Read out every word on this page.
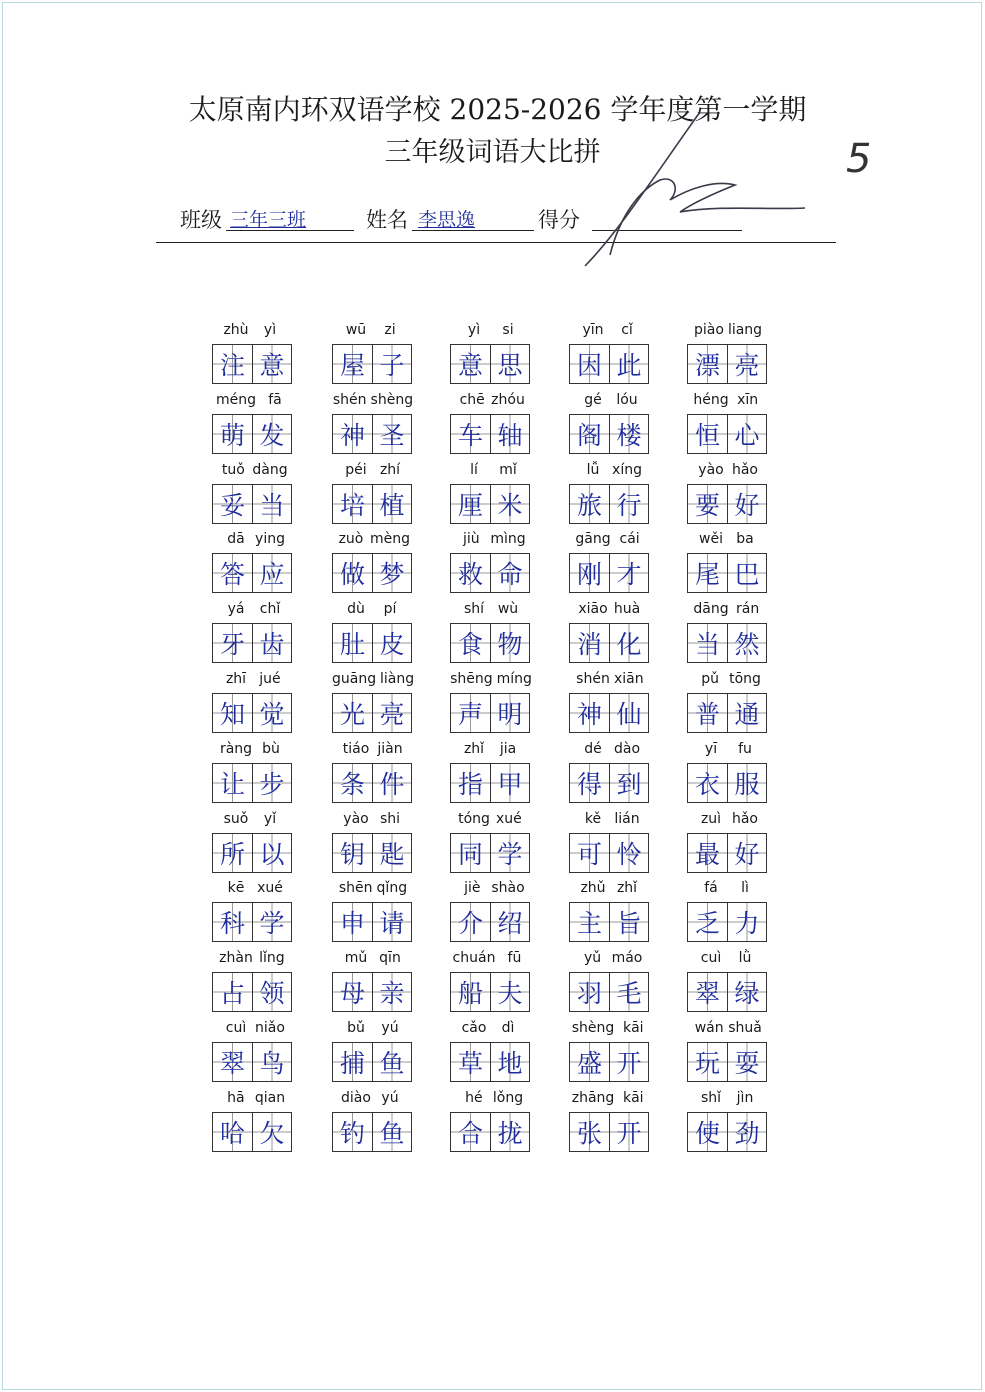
太原南内环双语学校 2025-2026 学年度第一学期
三年级词语大比拼
班级 三年三班	姓名 李思逸	得分
5
zhù	yì
注 意
wū	zi
屋 子
yì	si
意 思
yīn	cǐ
因 此
piào liang
漂 亮
méng fā
萌 发
shén shèng
神 圣
chē zhóu
车 轴
gé	lóu
阁 楼
héng xīn
恒 心
tuǒ dàng
妥 当
péi zhí
培 植
lí	mǐ
厘 米
lǚ xíng
旅 行
yào hǎo
要 好
dā ying
答 应
zuò mèng
做 梦
jiù mìng
救 命
gāng cái
刚 才
wěi ba
尾 巴
yá	chǐ
牙 齿
dù	pí
肚 皮
shí wù
食 物
xiāo huà
消 化
dāng rán
当 然
zhī jué
知 觉
guāng liàng
光 亮
shēng míng
声 明
shén xiān
神 仙
pǔ tōng
普 通
ràng bù
让 步
tiáo jiàn
条 件
zhǐ	jia
指 甲
dé dào
得 到
yī	fu
衣 服
suǒ	yǐ
所 以
yào shi
钥 匙
tóng xué
同 学
kě lián
可 怜
zuì hǎo
最 好
kē xué
科 学
shēn qǐng
申 请
jiè shào
介 绍
zhǔ zhǐ
主 旨
fá	lì
乏 力
zhàn lǐng
占 领
mǔ qīn
母 亲
chuán fū
船 夫
yǔ máo
羽 毛
cuì	lǜ
翠 绿
cuì niǎo
翠 鸟
bǔ	yú
捕 鱼
cǎo	dì
草 地
shèng kāi
盛 开
wán shuǎ
玩 耍
hā qian
哈 欠
diào yú
钓 鱼
hé lǒng
合 拢
zhāng kāi
张 开
shǐ	jìn
使 劲
